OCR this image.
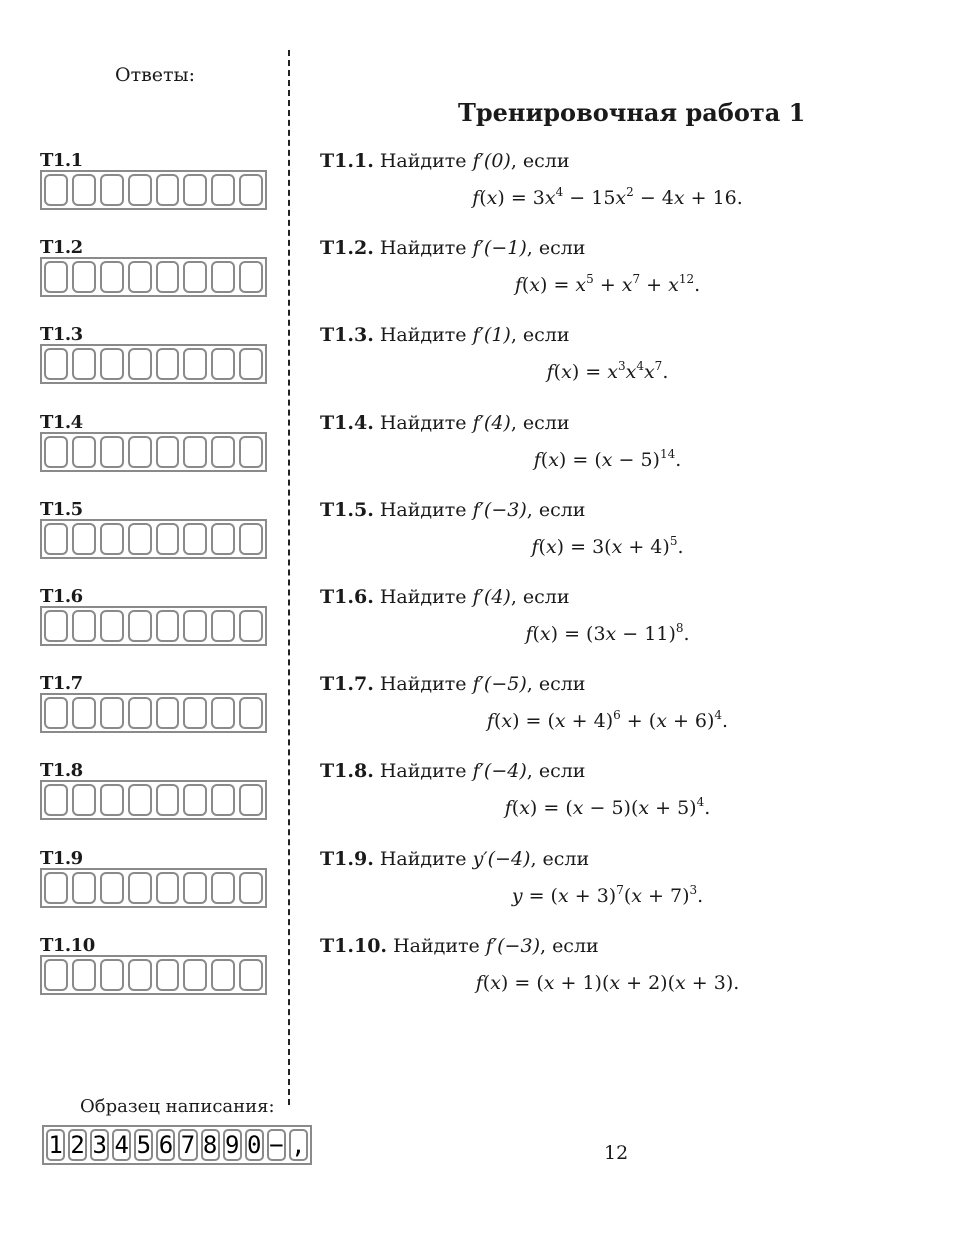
Ответы:
Тренировочная работа 1
T1.1
T1.2
T1.3
T1.4
T1.5
T1.6
T1.7
T1.8
T1.9
T1.10
T1.1. Найдите f′(0), если
$f(x) = 3x^4 - 15x^2 - 4x + 16$.
T1.2. Найдите f′(−1), если
$f(x) = x^5 + x^7 + x^{12}$.
T1.3. Найдите f′(1), если
$f(x) = x^3x^4x^7$.
T1.4. Найдите f′(4), если
$f(x) = (x - 5)^{14}$.
T1.5. Найдите f′(−3), если
$f(x) = 3(x + 4)^5$.
T1.6. Найдите f′(4), если
$f(x) = (3x - 11)^8$.
T1.7. Найдите f′(−5), если
$f(x) = (x + 4)^6 + (x + 6)^4$.
T1.8. Найдите f′(−4), если
$f(x) = (x - 5)(x + 5)^4$.
T1.9. Найдите y′(−4), если
$y = (x + 3)^7(x + 7)^3$.
T1.10. Найдите f′(−3), если
f(x) = (x + 1)(x + 2)(x + 3).
Образец написания:
1 2 3 4 5 6 7 8 9 0 − ,	12
